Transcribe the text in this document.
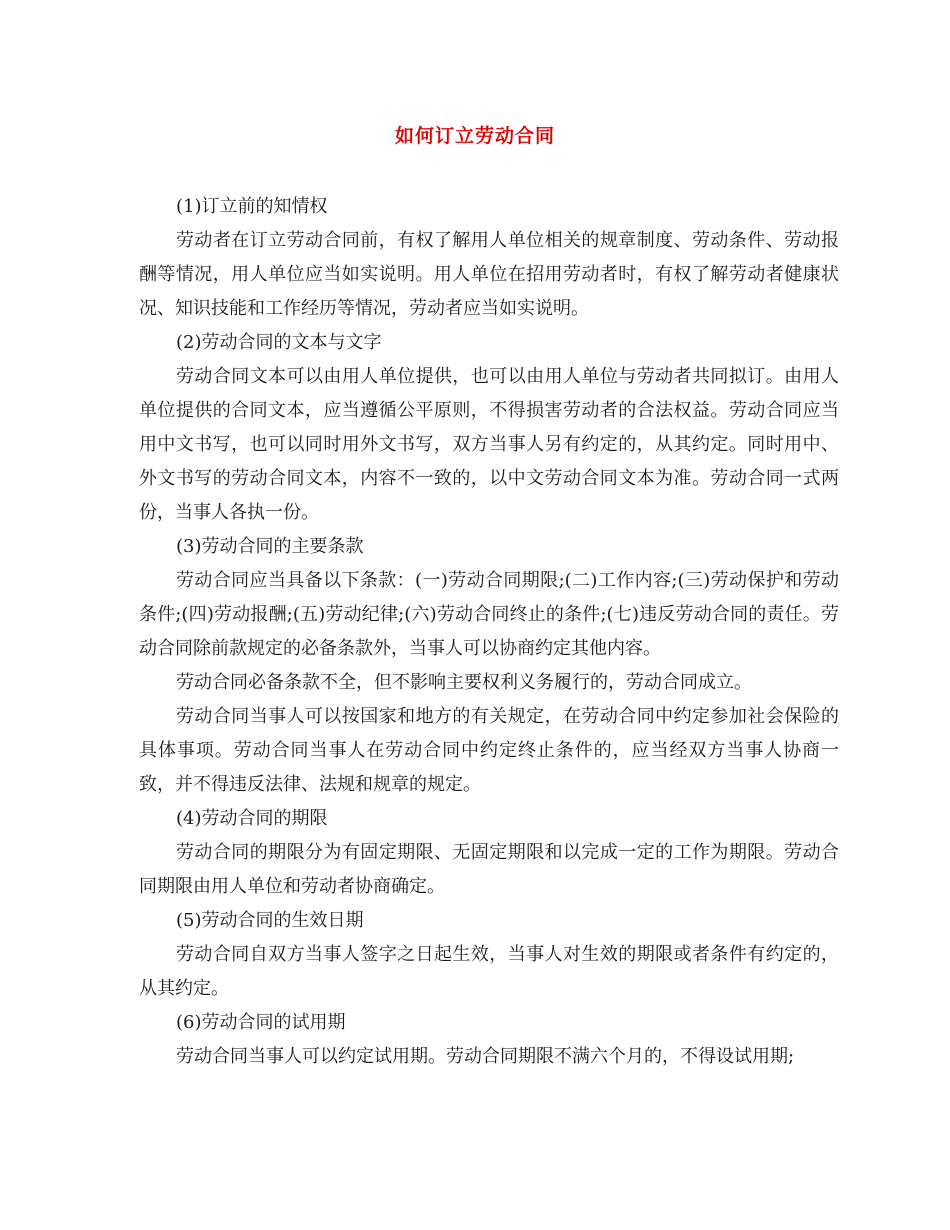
如何订立劳动合同

(1)订立前的知情权

劳动者在订立劳动合同前，有权了解用人单位相关的规章制度、劳动条件、劳动报酬等情况，用人单位应当如实说明。用人单位在招用劳动者时，有权了解劳动者健康状况、知识技能和工作经历等情况，劳动者应当如实说明。

(2)劳动合同的文本与文字

劳动合同文本可以由用人单位提供，也可以由用人单位与劳动者共同拟订。由用人单位提供的合同文本，应当遵循公平原则，不得损害劳动者的合法权益。劳动合同应当用中文书写，也可以同时用外文书写，双方当事人另有约定的，从其约定。同时用中、外文书写的劳动合同文本，内容不一致的，以中文劳动合同文本为准。劳动合同一式两份，当事人各执一份。

(3)劳动合同的主要条款

劳动合同应当具备以下条款：(一)劳动合同期限;(二)工作内容;(三)劳动保护和劳动条件;(四)劳动报酬;(五)劳动纪律;(六)劳动合同终止的条件;(七)违反劳动合同的责任。劳动合同除前款规定的必备条款外，当事人可以协商约定其他内容。

劳动合同必备条款不全，但不影响主要权利义务履行的，劳动合同成立。

劳动合同当事人可以按国家和地方的有关规定，在劳动合同中约定参加社会保险的具体事项。劳动合同当事人在劳动合同中约定终止条件的，应当经双方当事人协商一致，并不得违反法律、法规和规章的规定。

(4)劳动合同的期限

劳动合同的期限分为有固定期限、无固定期限和以完成一定的工作为期限。劳动合同期限由用人单位和劳动者协商确定。

(5)劳动合同的生效日期

劳动合同自双方当事人签字之日起生效，当事人对生效的期限或者条件有约定的，从其约定。

(6)劳动合同的试用期

劳动合同当事人可以约定试用期。劳动合同期限不满六个月的，不得设试用期;
